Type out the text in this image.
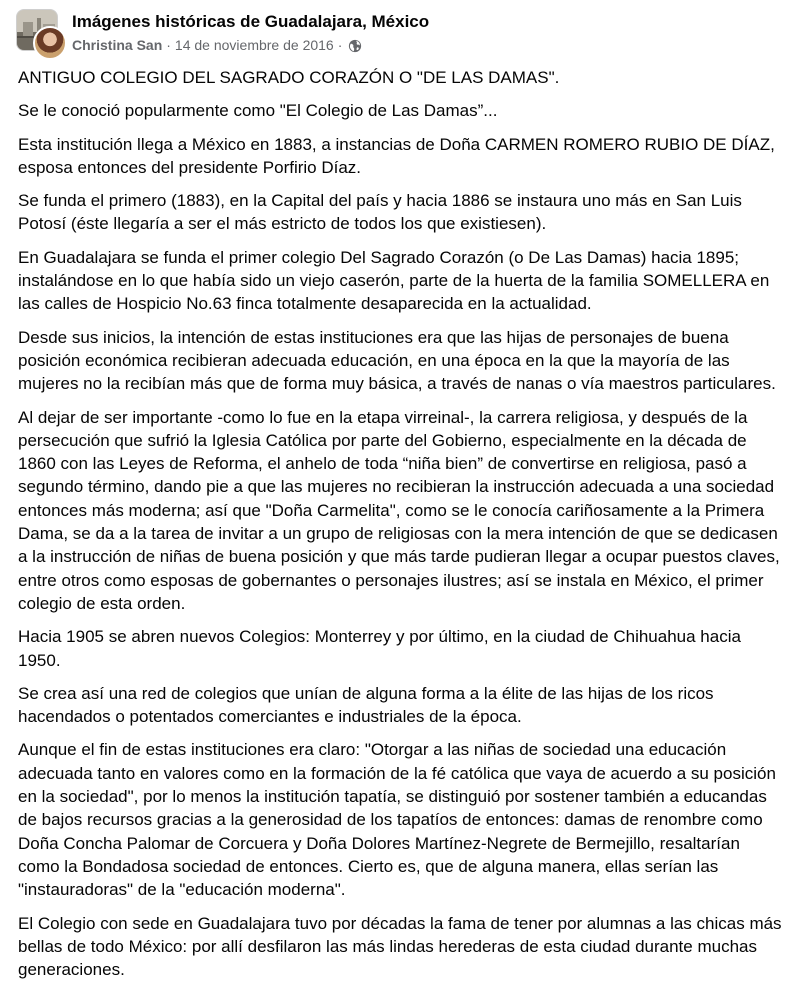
Imágenes históricas de Guadalajara, México
Christina San · 14 de noviembre de 2016 ·

ANTIGUO COLEGIO DEL SAGRADO CORAZÓN O "DE LAS DAMAS".

Se le conoció popularmente como "El Colegio de Las Damas”...

Esta institución llega a México en 1883, a instancias de Doña CARMEN ROMERO RUBIO DE DÍAZ, esposa entonces del presidente Porfirio Díaz.

Se funda el primero (1883), en la Capital del país y hacia 1886 se instaura uno más en San Luis Potosí (éste llegaría a ser el más estricto de todos los que existiesen).

En Guadalajara se funda el primer colegio Del Sagrado Corazón (o De Las Damas) hacia 1895; instalándose en lo que había sido un viejo caserón, parte de la huerta de la familia SOMELLERA en las calles de Hospicio No.63 finca totalmente desaparecida en la actualidad.

Desde sus inicios, la intención de estas instituciones era que las hijas de personajes de buena posición económica recibieran adecuada educación, en una época en la que la mayoría de las mujeres no la recibían más que de forma muy básica, a través de nanas o vía maestros particulares.

Al dejar de ser importante -como lo fue en la etapa virreinal-, la carrera religiosa, y después de la persecución que sufrió la Iglesia Católica por parte del Gobierno, especialmente en la década de 1860 con las Leyes de Reforma, el anhelo de toda “niña bien” de convertirse en religiosa, pasó a segundo término, dando pie a que las mujeres no recibieran la instrucción adecuada a una sociedad entonces más moderna; así que "Doña Carmelita", como se le conocía cariñosamente a la Primera Dama, se da a la tarea de invitar a un grupo de religiosas con la mera intención de que se dedicasen a la instrucción de niñas de buena posición y que más tarde pudieran llegar a ocupar puestos claves, entre otros como esposas de gobernantes o personajes ilustres; así se instala en México, el primer colegio de esta orden.

Hacia 1905 se abren nuevos Colegios: Monterrey y por último, en la ciudad de Chihuahua hacia 1950.

Se crea así una red de colegios que unían de alguna forma a la élite de las hijas de los ricos hacendados o potentados comerciantes e industriales de la época.

Aunque el fin de estas instituciones era claro: "Otorgar a las niñas de sociedad una educación adecuada tanto en valores como en la formación de la fé católica que vaya de acuerdo a su posición en la sociedad", por lo menos la institución tapatía, se distinguió por sostener también a educandas de bajos recursos gracias a la generosidad de los tapatíos de entonces: damas de renombre como Doña Concha Palomar de Corcuera y Doña Dolores Martínez-Negrete de Bermejillo, resaltarían como la Bondadosa sociedad de entonces. Cierto es, que de alguna manera, ellas serían las "instauradoras" de la "educación moderna".

El Colegio con sede en Guadalajara tuvo por décadas la fama de tener por alumnas a las chicas más bellas de todo México: por allí desfilaron las más lindas herederas de esta ciudad durante muchas generaciones.
